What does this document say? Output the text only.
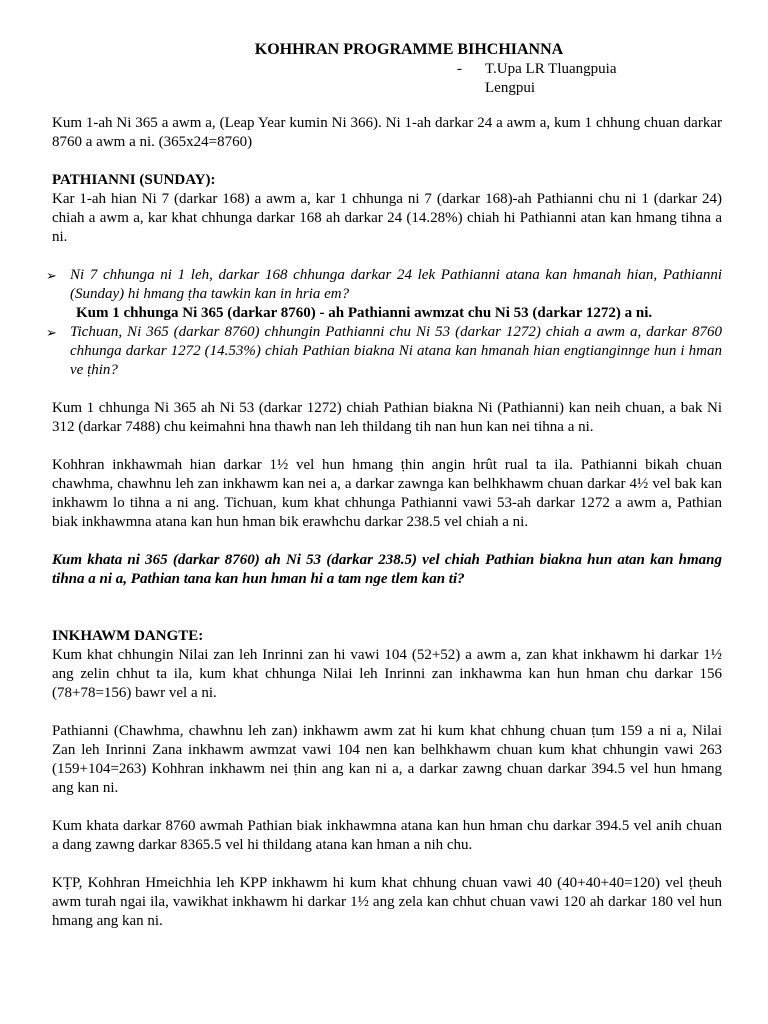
KOHHRAN PROGRAMME BIHCHIANNA
- T.Upa LR Tluangpuia
Lengpui

Kum 1-ah Ni 365 a awm a, (Leap Year kumin Ni 366). Ni 1-ah darkar 24 a awm a, kum 1 chhung chuan darkar 8760 a awm a ni. (365x24=8760)

PATHIANNI (SUNDAY):

Kar 1-ah hian Ni 7 (darkar 168) a awm a, kar 1 chhunga ni 7 (darkar 168)-ah Pathianni chu ni 1 (darkar 24) chiah a awm a, kar khat chhunga darkar 168 ah darkar 24 (14.28%) chiah hi Pathianni atan kan hmang tihna a ni.

➢ Ni 7 chhunga ni 1 leh, darkar 168 chhunga darkar 24 lek Pathianni atana kan hmanah hian, Pathianni (Sunday) hi hmang ṭha tawkin kan in hria em?

Kum 1 chhunga Ni 365 (darkar 8760) - ah Pathianni awmzat chu Ni 53 (darkar 1272) a ni.

➢ Tichuan, Ni 365 (darkar 8760) chhungin Pathianni chu Ni 53 (darkar 1272) chiah a awm a, darkar 8760 chhunga darkar 1272 (14.53%) chiah Pathian biakna Ni atana kan hmanah hian engtianginnge hun i hman ve ṭhin?

Kum 1 chhunga Ni 365 ah Ni 53 (darkar 1272) chiah Pathian biakna Ni (Pathianni) kan neih chuan, a bak Ni 312 (darkar 7488) chu keimahni hna thawh nan leh thildang tih nan hun kan nei tihna a ni.

Kohhran inkhawmah hian darkar 1½ vel hun hmang ṭhin angin hrût rual ta ila. Pathianni bikah chuan chawhma, chawhnu leh zan inkhawm kan nei a, a darkar zawnga kan belhkhawm chuan darkar 4½ vel bak kan inkhawm lo tihna a ni ang. Tichuan, kum khat chhunga Pathianni vawi 53-ah darkar 1272 a awm a, Pathian biak inkhawmna atana kan hun hman bik erawhchu darkar 238.5 vel chiah a ni.

Kum khata ni 365 (darkar 8760) ah Ni 53 (darkar 238.5) vel chiah Pathian biakna hun atan kan hmang tihna a ni a, Pathian tana kan hun hman hi a tam nge tlem kan ti?

INKHAWM DANGTE:

Kum khat chhungin Nilai zan leh Inrinni zan hi vawi 104 (52+52) a awm a, zan khat inkhawm hi darkar 1½ ang zelin chhut ta ila, kum khat chhunga Nilai leh Inrinni zan inkhawma kan hun hman chu darkar 156 (78+78=156) bawr vel a ni.

Pathianni (Chawhma, chawhnu leh zan) inkhawm awm zat hi kum khat chhung chuan ṭum 159 a ni a, Nilai Zan leh Inrinni Zana inkhawm awmzat vawi 104 nen kan belhkhawm chuan kum khat chhungin vawi 263 (159+104=263) Kohhran inkhawm nei ṭhin ang kan ni a, a darkar zawng chuan darkar 394.5 vel hun hmang ang kan ni.

Kum khata darkar 8760 awmah Pathian biak inkhawmna atana kan hun hman chu darkar 394.5 vel anih chuan a dang zawng darkar 8365.5 vel hi thildang atana kan hman a nih chu.

KṬP, Kohhran Hmeichhia leh KPP inkhawm hi kum khat chhung chuan vawi 40 (40+40+40=120) vel ṭheuh awm turah ngai ila, vawikhat inkhawm hi darkar 1½ ang zela kan chhut chuan vawi 120 ah darkar 180 vel hun hmang ang kan ni.
